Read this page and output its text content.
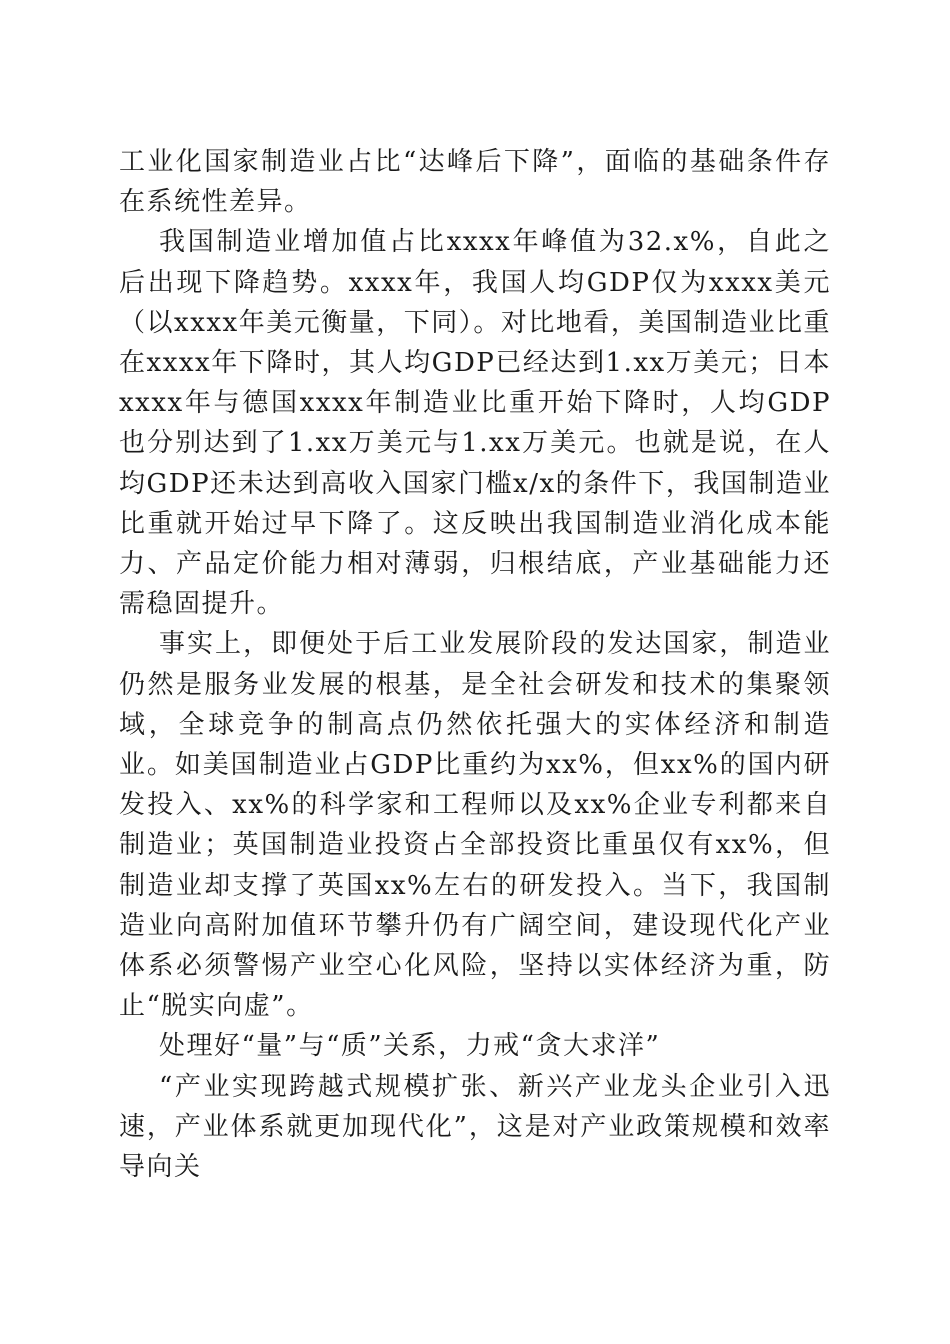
工业化国家制造业占比“达峰后下降”，面临的基础条件存在系统性差异。

我国制造业增加值占比xxxx年峰值为32.x%，自此之后出现下降趋势。xxxx年，我国人均GDP仅为xxxx美元（以xxxx年美元衡量，下同）。对比地看，美国制造业比重在xxxx年下降时，其人均GDP已经达到1.xx万美元；日本xxxx年与德国xxxx年制造业比重开始下降时，人均GDP也分别达到了1.xx万美元与1.xx万美元。也就是说，在人均GDP还未达到高收入国家门槛x/x的条件下，我国制造业比重就开始过早下降了。这反映出我国制造业消化成本能力、产品定价能力相对薄弱，归根结底，产业基础能力还需稳固提升。

事实上，即便处于后工业发展阶段的发达国家，制造业仍然是服务业发展的根基，是全社会研发和技术的集聚领域，全球竞争的制高点仍然依托强大的实体经济和制造业。如美国制造业占GDP比重约为xx%，但xx%的国内研发投入、xx%的科学家和工程师以及xx%企业专利都来自制造业；英国制造业投资占全部投资比重虽仅有xx%，但制造业却支撑了英国xx%左右的研发投入。当下，我国制造业向高附加值环节攀升仍有广阔空间，建设现代化产业体系必须警惕产业空心化风险，坚持以实体经济为重，防止“脱实向虚”。

处理好“量”与“质”关系，力戒“贪大求洋”

“产业实现跨越式规模扩张、新兴产业龙头企业引入迅速，产业体系就更加现代化”，这是对产业政策规模和效率导向关
